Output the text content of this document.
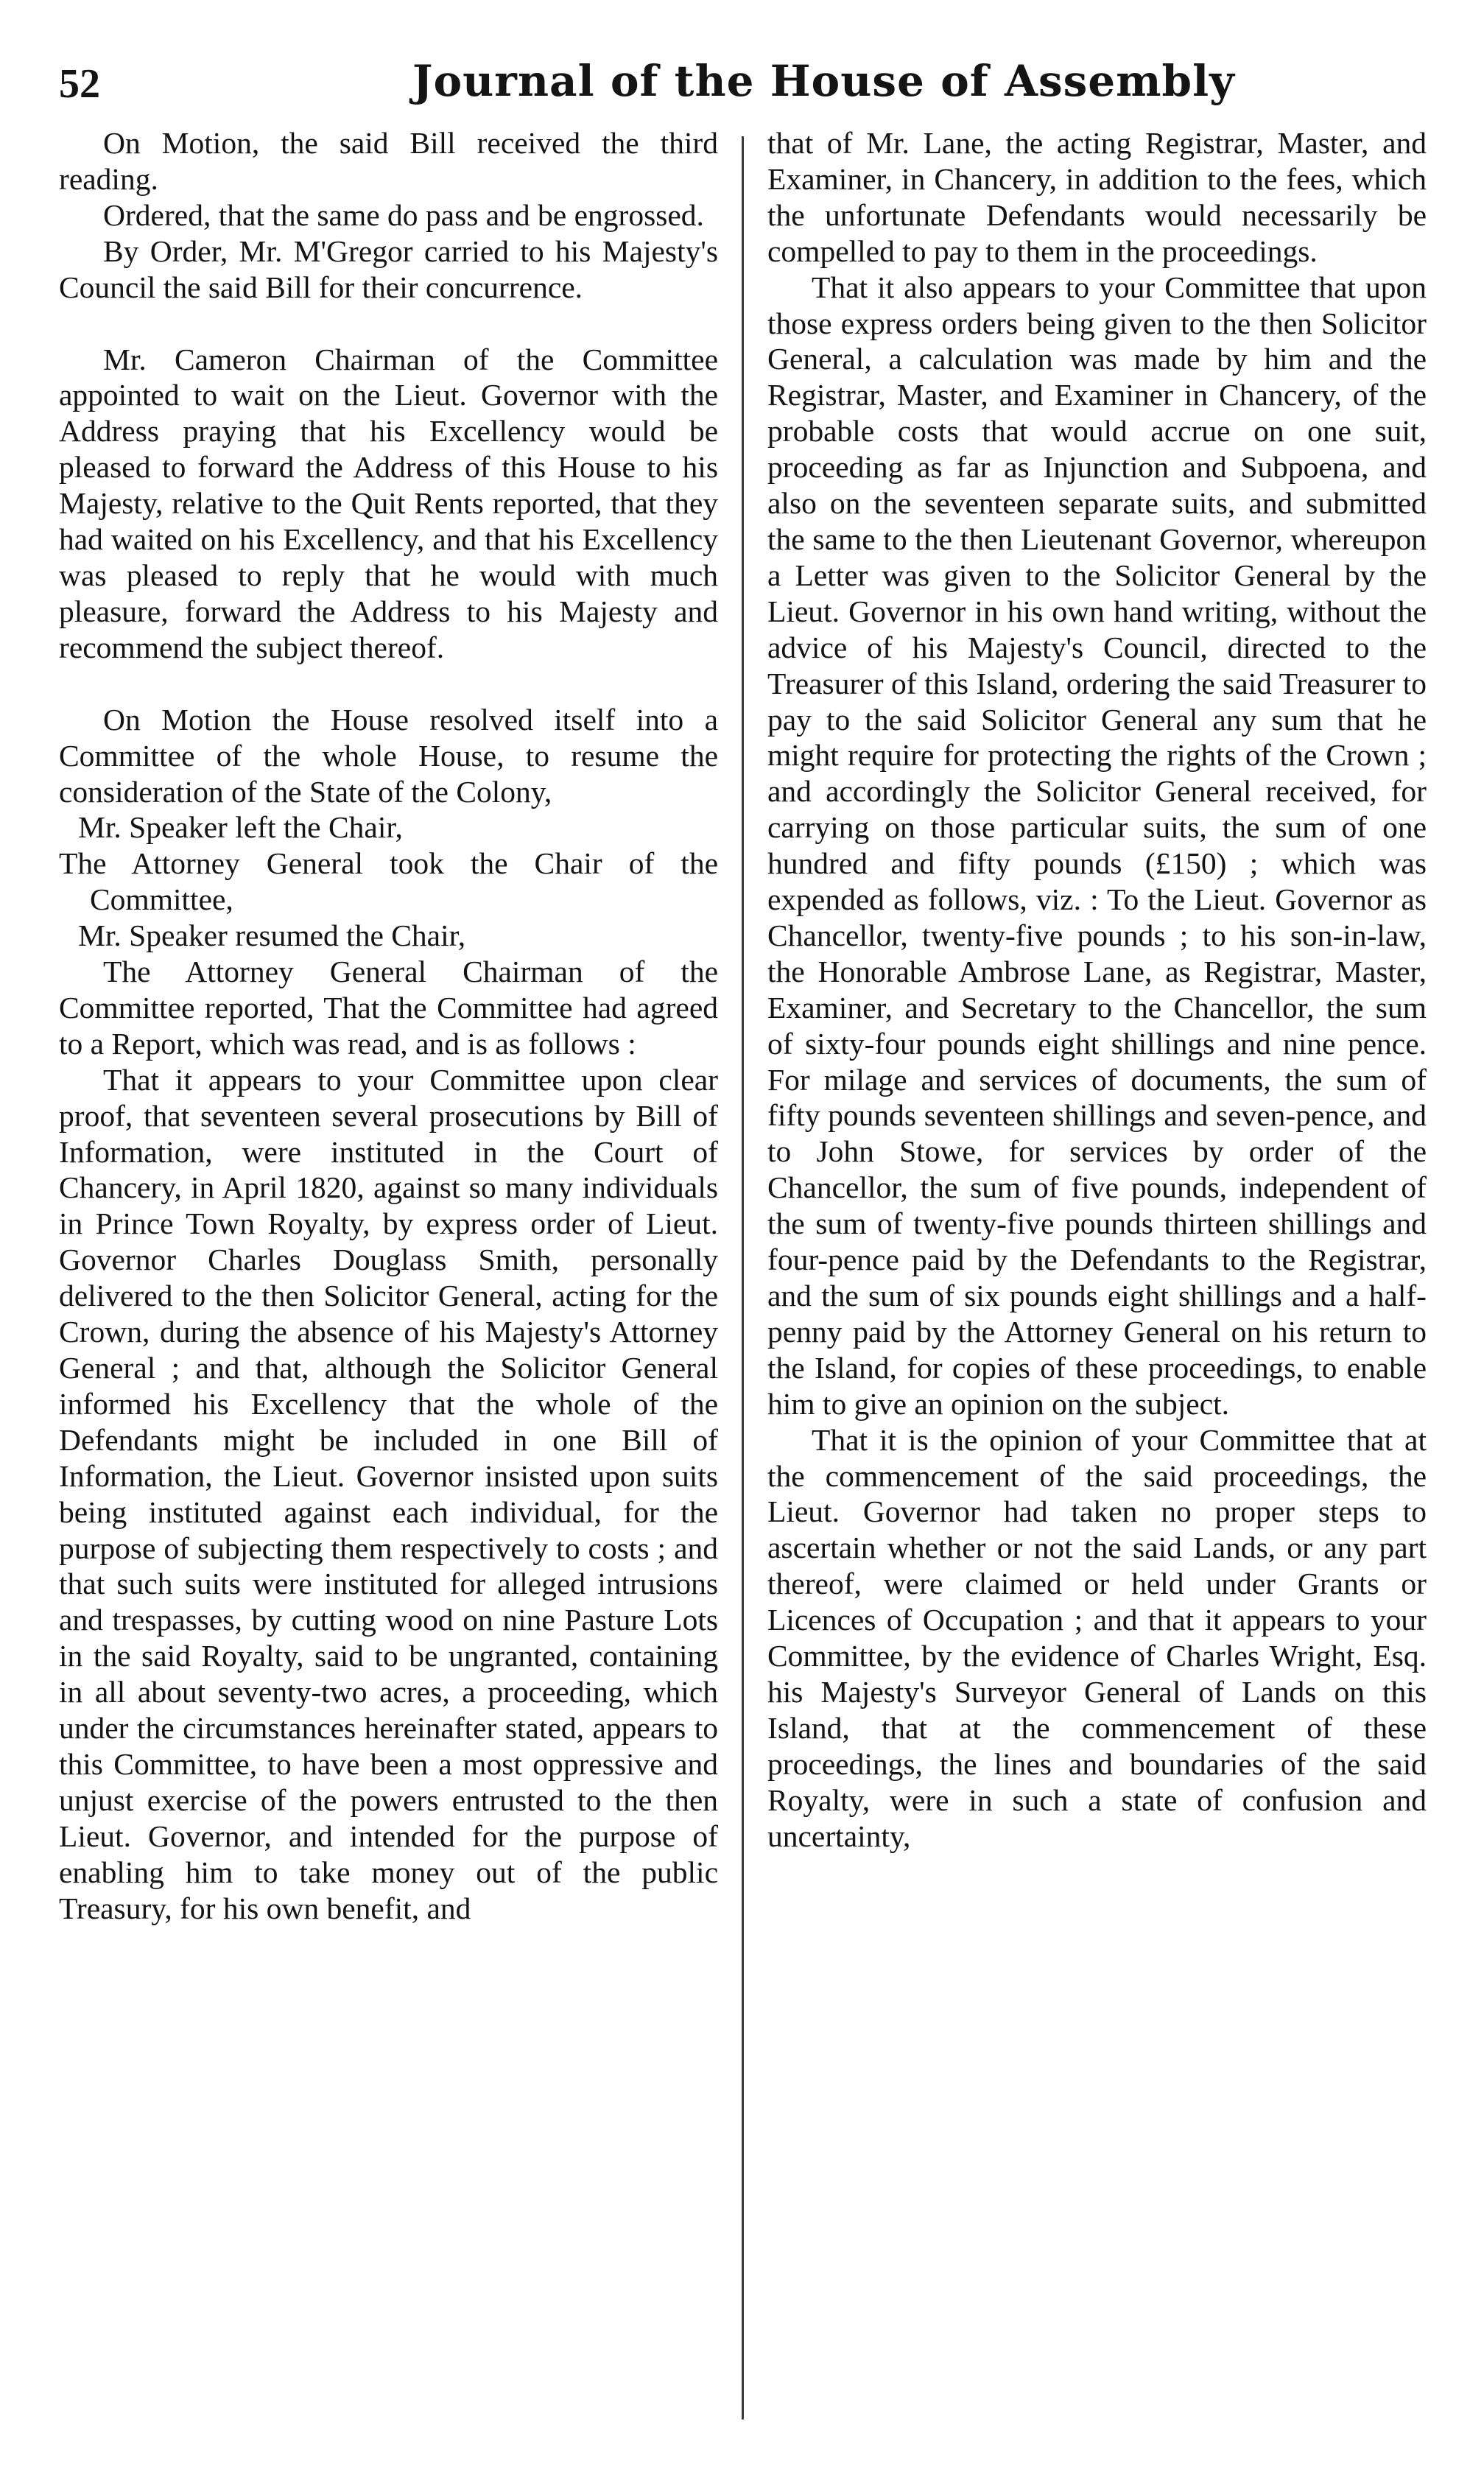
52	Journal of the House of Assembly

On Motion, the said Bill received the third reading.

Ordered, that the same do pass and be engrossed.

By Order, Mr. M'Gregor carried to his Majesty's Council the said Bill for their concurrence.

Mr. Cameron Chairman of the Committee appointed to wait on the Lieut. Governor with the Address praying that his Excellency would be pleased to forward the Address of this House to his Majesty, relative to the Quit Rents reported, that they had waited on his Excellency, and that his Excellency was pleased to reply that he would with much pleasure, forward the Address to his Majesty and recommend the subject thereof.

On Motion the House resolved itself into a Committee of the whole House, to resume the consideration of the State of the Colony,

Mr. Speaker left the Chair,

The Attorney General took the Chair of the Committee,

Mr. Speaker resumed the Chair,

The Attorney General Chairman of the Committee reported, That the Committee had agreed to a Report, which was read, and is as follows :

That it appears to your Committee upon clear proof, that seventeen several prosecutions by Bill of Information, were instituted in the Court of Chancery, in April 1820, against so many individuals in Prince Town Royalty, by express order of Lieut. Governor Charles Douglass Smith, personally delivered to the then Solicitor General, acting for the Crown, during the absence of his Majesty's Attorney General ; and that, although the Solicitor General informed his Excellency that the whole of the Defendants might be included in one Bill of Information, the Lieut. Governor insisted upon suits being instituted against each individual, for the purpose of subjecting them respectively to costs ; and that such suits were instituted for alleged intrusions and trespasses, by cutting wood on nine Pasture Lots in the said Royalty, said to be ungranted, containing in all about seventy-two acres, a proceeding, which under the circumstances hereinafter stated, appears to this Committee, to have been a most oppressive and unjust exercise of the powers entrusted to the then Lieut. Governor, and intended for the purpose of enabling him to take money out of the public Treasury, for his own benefit, and

that of Mr. Lane, the acting Registrar, Master, and Examiner, in Chancery, in addition to the fees, which the unfortunate Defendants would necessarily be compelled to pay to them in the proceedings.

That it also appears to your Committee that upon those express orders being given to the then Solicitor General, a calculation was made by him and the Registrar, Master, and Examiner in Chancery, of the probable costs that would accrue on one suit, proceeding as far as Injunction and Subpoena, and also on the seventeen separate suits, and submitted the same to the then Lieutenant Governor, whereupon a Letter was given to the Solicitor General by the Lieut. Governor in his own hand writing, without the advice of his Majesty's Council, directed to the Treasurer of this Island, ordering the said Treasurer to pay to the said Solicitor General any sum that he might require for protecting the rights of the Crown ; and accordingly the Solicitor General received, for carrying on those particular suits, the sum of one hundred and fifty pounds (£150) ; which was expended as follows, viz. : To the Lieut. Governor as Chancellor, twenty-five pounds ; to his son-in-law, the Honorable Ambrose Lane, as Registrar, Master, Examiner, and Secretary to the Chancellor, the sum of sixty-four pounds eight shillings and nine pence. For milage and services of documents, the sum of fifty pounds seventeen shillings and seven-pence, and to John Stowe, for services by order of the Chancellor, the sum of five pounds, independent of the sum of twenty-five pounds thirteen shillings and four-pence paid by the Defendants to the Registrar, and the sum of six pounds eight shillings and a half-penny paid by the Attorney General on his return to the Island, for copies of these proceedings, to enable him to give an opinion on the subject.

That it is the opinion of your Committee that at the commencement of the said proceedings, the Lieut. Governor had taken no proper steps to ascertain whether or not the said Lands, or any part thereof, were claimed or held under Grants or Licences of Occupation ; and that it appears to your Committee, by the evidence of Charles Wright, Esq. his Majesty's Surveyor General of Lands on this Island, that at the commencement of these proceedings, the lines and boundaries of the said Royalty, were in such a state of confusion and uncertainty,
